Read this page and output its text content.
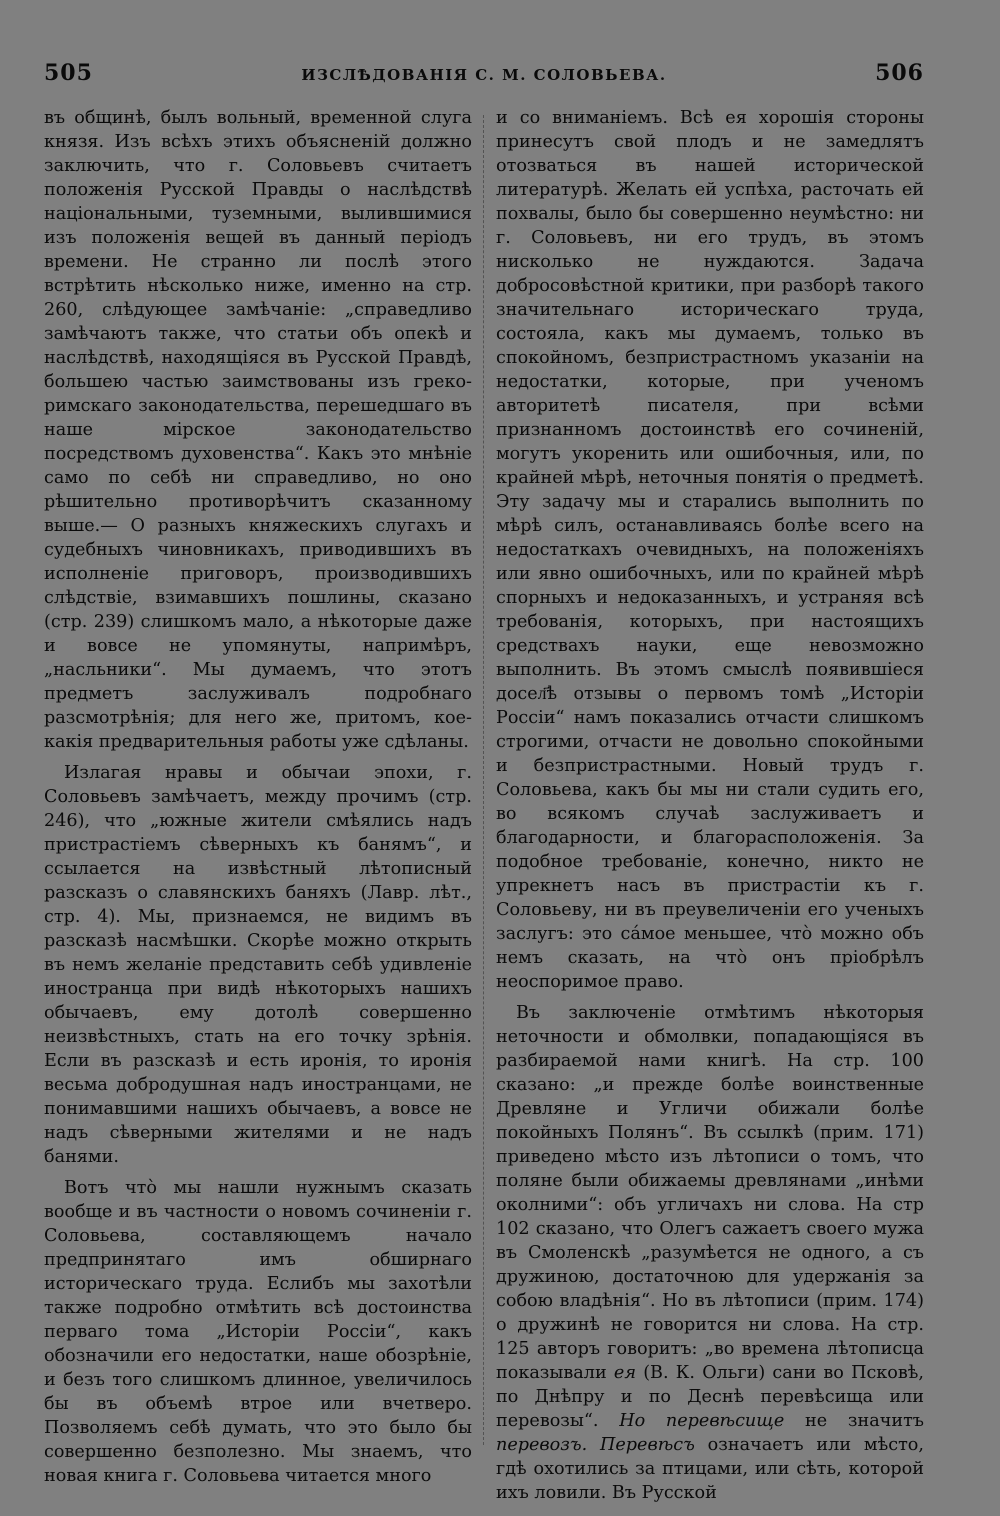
505	ИЗСЛѢДОВАНІЯ С. М. СОЛОВЬЕВА.	506

въ общинѣ, былъ вольный, временной слуга князя. Изъ всѣхъ этихъ объясненій должно заключить, что г. Соловьевъ считаетъ положенія Русской Правды о наслѣдствѣ національными, туземными, вылившимися изъ положенія вещей въ данный періодъ времени. Не странно ли послѣ этого встрѣтить нѣсколько ниже, именно на стр. 260, слѣдующее замѣчаніе: „справедливо замѣчаютъ также, что статьи объ опекѣ и наслѣдствѣ, находящіяся въ Русской Правдѣ, большею частью заимствованы изъ греко-римскаго законодательства, перешедшаго въ наше мірское законодательство посредствомъ духовенства“. Какъ это мнѣніе само по себѣ ни справедливо, но оно рѣшительно противорѣчитъ сказанному выше.— О разныхъ княжескихъ слугахъ и судебныхъ чиновникахъ, приводившихъ въ исполненіе приговоръ, производившихъ слѣдствіе, взимавшихъ пошлины, сказано (стр. 239) слишкомъ мало, а нѣкоторые даже и вовсе не упомянуты, напримѣръ, „насльники“. Мы думаемъ, что этотъ предметъ заслуживалъ подробнаго разсмотрѣнія; для него же, притомъ, кое-какія предварительныя работы уже сдѣланы.

Излагая нравы и обычаи эпохи, г. Соловьевъ замѣчаетъ, между прочимъ (стр. 246), что „южные жители смѣялись надъ пристрастіемъ сѣверныхъ къ банямъ“, и ссылается на извѣстный лѣтописный разсказъ о славянскихъ баняхъ (Лавр. лѣт., стр. 4). Мы, признаемся, не видимъ въ разсказѣ насмѣшки. Скорѣе можно открыть въ немъ желаніе представить себѣ удивленіе иностранца при видѣ нѣкоторыхъ нашихъ обычаевъ, ему дотолѣ совершенно неизвѣстныхъ, стать на его точку зрѣнія. Если въ разсказѣ и есть иронія, то иронія весьма добродушная надъ иностранцами, не понимавшими нашихъ обычаевъ, а вовсе не надъ сѣверными жителями и не надъ банями.

Вотъ чтò мы нашли нужнымъ сказать вообще и въ частности о новомъ сочиненіи г. Соловьева, составляющемъ начало предпринятаго имъ обширнаго историческаго труда. Еслибъ мы захотѣли также подробно отмѣтить всѣ достоинства перваго тома „Исторіи Россіи“, какъ обозначили его недостатки, наше обозрѣніе, и безъ того слишкомъ длинное, увеличилось бы въ объемѣ втрое или вчетверо. Позволяемъ себѣ думать, что это было бы совершенно безполезно. Мы знаемъ, что новая книга г. Соловьева читается много

и со вниманіемъ. Всѣ ея хорошія стороны принесутъ свой плодъ и не замедлятъ отозваться въ нашей исторической литературѣ. Желать ей успѣха, расточать ей похвалы, было бы совершенно неумѣстно: ни г. Соловьевъ, ни его трудъ, въ этомъ нисколько не нуждаются. Задача добросовѣстной критики, при разборѣ такого значительнаго историческаго труда, состояла, какъ мы думаемъ, только въ спокойномъ, безпристрастномъ указаніи на недостатки, которые, при ученомъ авторитетѣ писателя, при всѣми признанномъ достоинствѣ его сочиненій, могутъ укоренить или ошибочныя, или, по крайней мѣрѣ, неточныя понятія о предметѣ. Эту задачу мы и старались выполнить по мѣрѣ силъ, останавливаясь болѣе всего на недостаткахъ очевидныхъ, на положеніяхъ или явно ошибочныхъ, или по крайней мѣрѣ спорныхъ и недоказанныхъ, и устраняя всѣ требованія, которыхъ, при настоящихъ средствахъ науки, еще невозможно выполнить. Въ этомъ смыслѣ появившіеся досел҃ѣ отзывы о первомъ томѣ „Исторіи Россіи“ намъ показались отчасти слишкомъ строгими, отчасти не довольно спокойными и безпристрастными. Новый трудъ г. Соловьева, какъ бы мы ни стали судить его, во всякомъ случаѣ заслуживаетъ и благодарности, и благорасположенія. За подобное требованіе, конечно, никто не упрекнетъ насъ въ пристрастіи къ г. Соловьеву, ни въ преувеличеніи его ученыхъ заслугъ: это сáмое меньшее, чтò можно объ немъ сказать, на чтò онъ пріобрѣлъ неоспоримое право.

Въ заключеніе отмѣтимъ нѣкоторыя неточности и обмолвки, попадающіяся въ разбираемой нами книгѣ. На стр. 100 сказано: „и прежде болѣе воинственные Древляне и Угличи обижали болѣе покойныхъ Полянъ“. Въ ссылкѣ (прим. 171) приведено мѣсто изъ лѣтописи о томъ, что поляне были обижаемы древлянами „инѣми околними“: объ угличахъ ни слова. На стр 102 сказано, что Олегъ сажаетъ своего мужа въ Смоленскѣ „разумѣется не одного, а съ дружиною, достаточною для удержанія за собою владѣнія“. Но въ лѣтописи (прим. 174) о дружинѣ не говорится ни слова. На стр. 125 авторъ говоритъ: „во времена лѣтописца показывали ея (В. К. Ольги) сани во Псковѣ, по Днѣпру и по Деснѣ перевѣсища или перевозы“. Но перевѣсище не значитъ перевозъ. Перевѣсъ означаетъ или мѣсто, гдѣ охотились за птицами, или сѣть, которой ихъ ловили. Въ Русской
